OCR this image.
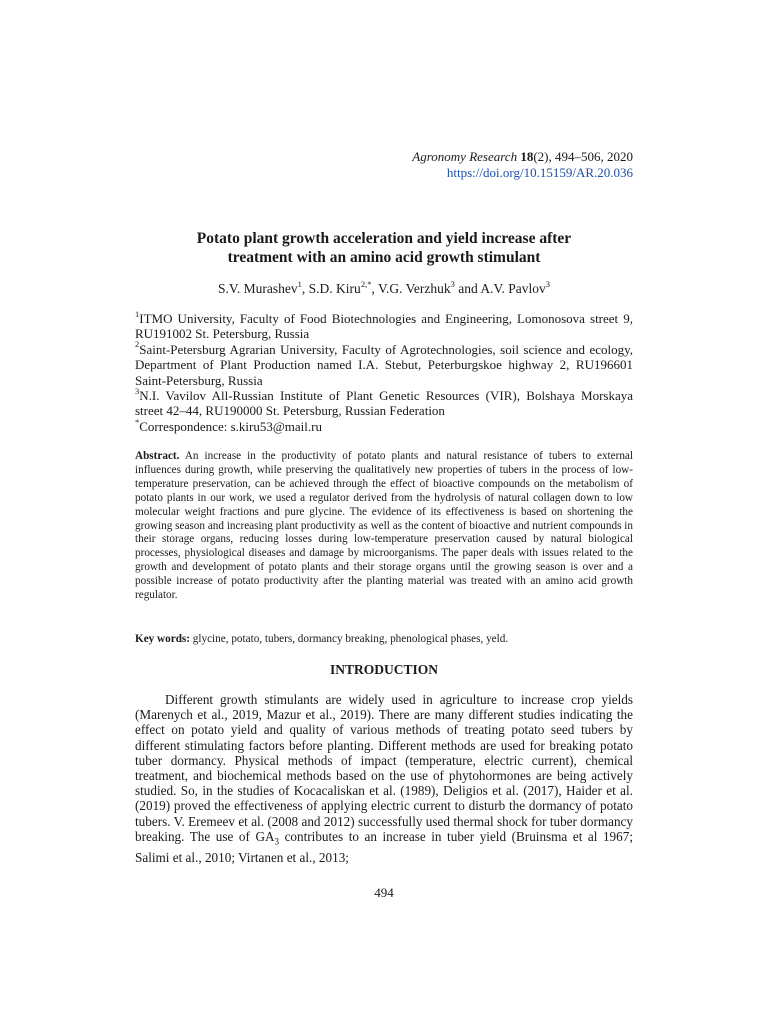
Agronomy Research 18(2), 494–506, 2020
https://doi.org/10.15159/AR.20.036
Potato plant growth acceleration and yield increase after
treatment with an amino acid growth stimulant
S.V. Murashev$^1$, S.D. Kiru$^{2,*}$, V.G. Verzhuk$^3$ and A.V. Pavlov$^3$

$^1$ITMO University, Faculty of Food Biotechnologies and Engineering, Lomonosova street 9, RU191002 St. Petersburg, Russia

$^2$Saint-Petersburg Agrarian University, Faculty of Agrotechnologies, soil science and ecology, Department of Plant Production named I.A. Stebut, Peterburgskoe highway 2, RU196601 Saint-Petersburg, Russia

$^3$N.I. Vavilov All-Russian Institute of Plant Genetic Resources (VIR), Bolshaya Morskaya street 42–44, RU190000 St. Petersburg, Russian Federation

*Correspondence: s.kiru53@mail.ru

Abstract. An increase in the productivity of potato plants and natural resistance of tubers to external influences during growth, while preserving the qualitatively new properties of tubers in the process of low-temperature preservation, can be achieved through the effect of bioactive compounds on the metabolism of potato plants in our work, we used a regulator derived from the hydrolysis of natural collagen down to low molecular weight fractions and pure glycine. The evidence of its effectiveness is based on shortening the growing season and increasing plant productivity as well as the content of bioactive and nutrient compounds in their storage organs, reducing losses during low-temperature preservation caused by natural biological processes, physiological diseases and damage by microorganisms. The paper deals with issues related to the growth and development of potato plants and their storage organs until the growing season is over and a possible increase of potato productivity after the planting material was treated with an amino acid growth regulator.

Key words: glycine, potato, tubers, dormancy breaking, phenological phases, yeld.

INTRODUCTION

Different growth stimulants are widely used in agriculture to increase crop yields (Marenych et al., 2019, Mazur et al., 2019). There are many different studies indicating the effect on potato yield and quality of various methods of treating potato seed tubers by different stimulating factors before planting. Different methods are used for breaking potato tuber dormancy. Physical methods of impact (temperature, electric current), chemical treatment, and biochemical methods based on the use of phytohormones are being actively studied. So, in the studies of Kocacaliskan et al. (1989), Deligios et al. (2017), Haider et al. (2019) proved the effectiveness of applying electric current to disturb the dormancy of potato tubers. V. Eremeev et al. (2008 and 2012) successfully used thermal shock for tuber dormancy breaking. The use of $GA_3$ contributes to an increase in tuber yield (Bruinsma et al 1967; Salimi et al., 2010; Virtanen et al., 2013;

494
